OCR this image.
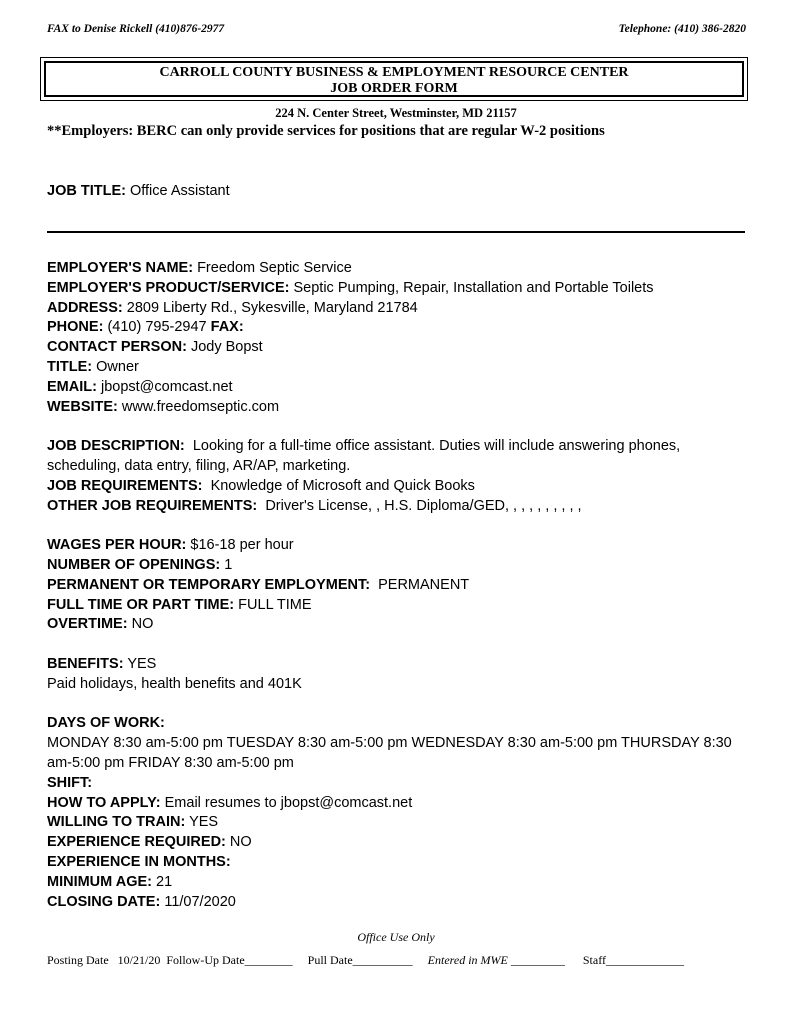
FAX to Denise Rickell (410)876-2977	Telephone: (410) 386-2820
CARROLL COUNTY BUSINESS & EMPLOYMENT RESOURCE CENTER
JOB ORDER FORM
224 N. Center Street, Westminster, MD 21157
**Employers: BERC can only provide services for positions that are regular W-2 positions
JOB TITLE: Office Assistant
EMPLOYER'S NAME: Freedom Septic Service
EMPLOYER'S PRODUCT/SERVICE: Septic Pumping, Repair, Installation and Portable Toilets
ADDRESS: 2809 Liberty Rd., Sykesville, Maryland 21784
PHONE: (410) 795-2947 FAX:
CONTACT PERSON: Jody Bopst
TITLE: Owner
EMAIL: jbopst@comcast.net
WEBSITE: www.freedomseptic.com
JOB DESCRIPTION: Looking for a full-time office assistant. Duties will include answering phones,
scheduling, data entry, filing, AR/AP, marketing.
JOB REQUIREMENTS: Knowledge of Microsoft and Quick Books
OTHER JOB REQUIREMENTS: Driver's License, , H.S. Diploma/GED, , , , , , , , , ,
WAGES PER HOUR: $16-18 per hour
NUMBER OF OPENINGS: 1
PERMANENT OR TEMPORARY EMPLOYMENT: PERMANENT
FULL TIME OR PART TIME: FULL TIME
OVERTIME: NO
BENEFITS: YES
Paid holidays, health benefits and 401K
DAYS OF WORK:
MONDAY 8:30 am-5:00 pm TUESDAY 8:30 am-5:00 pm WEDNESDAY 8:30 am-5:00 pm THURSDAY 8:30
am-5:00 pm FRIDAY 8:30 am-5:00 pm
SHIFT:
HOW TO APPLY: Email resumes to jbopst@comcast.net
WILLING TO TRAIN: YES
EXPERIENCE REQUIRED: NO
EXPERIENCE IN MONTHS:
MINIMUM AGE: 21
CLOSING DATE: 11/07/2020
Office Use Only
Posting Date 10/21/20 Follow-Up Date________ Pull Date__________ Entered in MWE _________ Staff_____________
